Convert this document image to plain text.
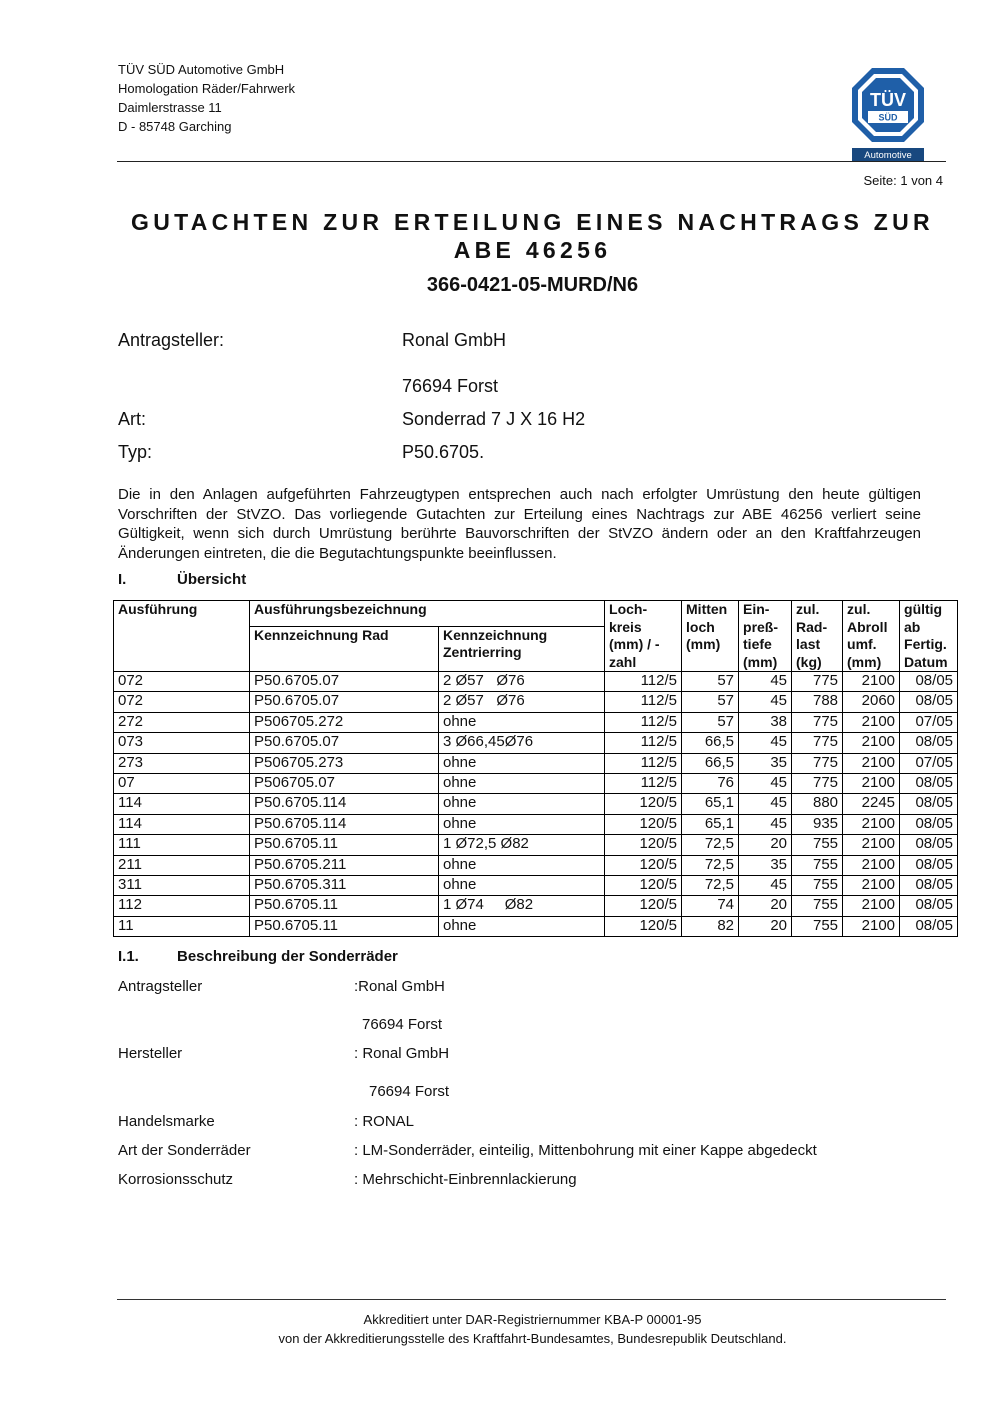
TÜV SÜD Automotive GmbH
Homologation Räder/Fahrwerk
Daimlerstrasse 11
D - 85748 Garching
TÜV
SÜD
Automotive
Seite: 1 von 4
GUTACHTEN ZUR ERTEILUNG EINES NACHTRAGS ZUR
ABE 46256
366-0421-05-MURD/N6
Antragsteller:	Ronal GmbH
76694 Forst
Art:	Sonderrad 7 J X 16 H2
Typ:	P50.6705.
Die in den Anlagen aufgeführten Fahrzeugtypen entsprechen auch nach erfolgter Umrüstung den heute gültigen Vorschriften der StVZO. Das vorliegende Gutachten zur Erteilung eines Nachtrags zur ABE 46256 verliert seine Gültigkeit, wenn sich durch Umrüstung berührte Bauvorschriften der StVZO ändern oder an den Kraftfahrzeugen Änderungen eintreten, die die Begutachtungspunkte beeinflussen.
I.	Übersicht
Ausführung	Ausführungsbezeichnung		Loch-kreis (mm) / -zahl	Mitten loch (mm)	Ein-preß-tiefe (mm)	zul. Rad-last (kg)	zul. Abroll umf. (mm)	gültig ab Fertig. Datum
	Kennzeichnung Rad	Kennzeichnung Zentrierring						
072	P50.6705.07	2 Ø57   Ø76	112/5	57	45	775	2100	08/05
072	P50.6705.07	2 Ø57   Ø76	112/5	57	45	788	2060	08/05
272	P506705.272	ohne	112/5	57	38	775	2100	07/05
073	P50.6705.07	3 Ø66,45Ø76	112/5	66,5	45	775	2100	08/05
273	P506705.273	ohne	112/5	66,5	35	775	2100	07/05
07	P506705.07	ohne	112/5	76	45	775	2100	08/05
114	P50.6705.114	ohne	120/5	65,1	45	880	2245	08/05
114	P50.6705.114	ohne	120/5	65,1	45	935	2100	08/05
111	P50.6705.11	1 Ø72,5 Ø82	120/5	72,5	20	755	2100	08/05
211	P50.6705.211	ohne	120/5	72,5	35	755	2100	08/05
311	P50.6705.311	ohne	120/5	72,5	45	755	2100	08/05
112	P50.6705.11	1 Ø74     Ø82	120/5	74	20	755	2100	08/05
11	P50.6705.11	ohne	120/5	82	20	755	2100	08/05
I.1.	Beschreibung der Sonderräder
Antragsteller	:Ronal GmbH
76694 Forst
Hersteller	: Ronal GmbH
76694 Forst
Handelsmarke	: RONAL
Art der Sonderräder	: LM-Sonderräder, einteilig, Mittenbohrung mit einer Kappe abgedeckt
Korrosionsschutz	: Mehrschicht-Einbrennlackierung
Akkreditiert unter DAR-Registriernummer KBA-P 00001-95
von der Akkreditierungsstelle des Kraftfahrt-Bundesamtes, Bundesrepublik Deutschland.
